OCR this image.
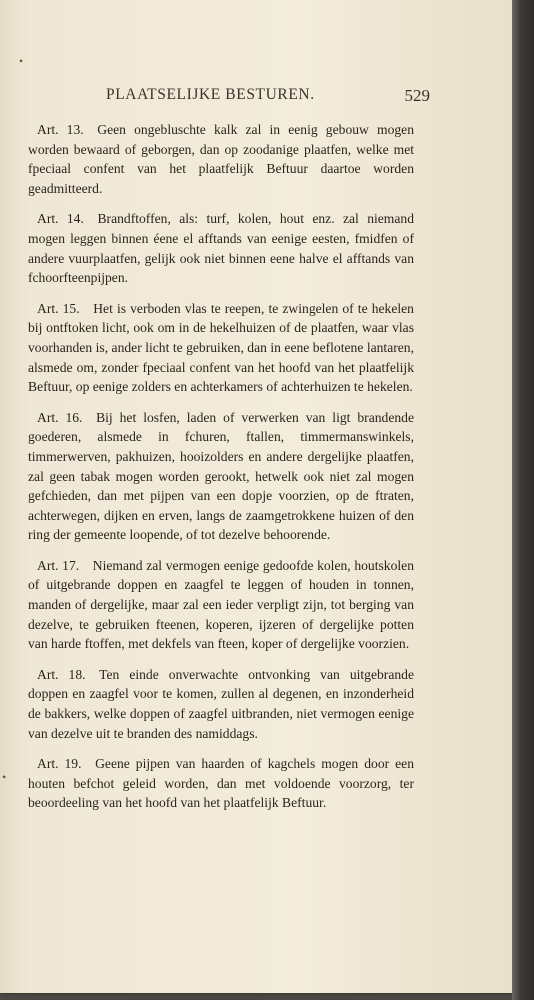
•
•
PLAATSELIJKE BESTUREN.	529

Art. 13.  Geen ongebluschte kalk zal in eenig gebouw mogen worden bewaard of geborgen, dan op zoodanige plaatfen, welke met fpeciaal confent van het plaatfelijk Beftuur daartoe worden geadmitteerd.

Art. 14.  Brandftoffen, als: turf, kolen, hout enz. zal niemand mogen leggen binnen éene el afftands van eenige eesten, fmidfen of andere vuurplaatfen, gelijk ook niet binnen eene halve el afftands van fchoorfteenpijpen.

Art. 15.  Het is verboden vlas te reepen, te zwingelen of te hekelen bij ontftoken licht, ook om in de hekelhuizen of de plaatfen, waar vlas voorhanden is, ander licht te gebruiken, dan in eene beflotene lantaren, alsmede om, zonder fpeciaal confent van het hoofd van het plaatfelijk Beftuur, op eenige zolders en achterkamers of achterhuizen te hekelen.

Art. 16.  Bij het losfen, laden of verwerken van ligt brandende goederen, alsmede in fchuren, ftallen, timmermanswinkels, timmerwerven, pakhuizen, hooizolders en andere dergelijke plaatfen, zal geen tabak mogen worden gerookt, hetwelk ook niet zal mogen gefchieden, dan met pijpen van een dopje voorzien, op de ftraten, achterwegen, dijken en erven, langs de zaamgetrokkene huizen of den ring der gemeente loopende, of tot dezelve behoorende.

Art. 17.  Niemand zal vermogen eenige gedoofde kolen, houtskolen of uitgebrande doppen en zaagfel te leggen of houden in tonnen, manden of dergelijke, maar zal een ieder verpligt zijn, tot berging van dezelve, te gebruiken fteenen, koperen, ijzeren of dergelijke potten van harde ftoffen, met dekfels van fteen, koper of dergelijke voorzien.

Art. 18.  Ten einde onverwachte ontvonking van uitgebrande doppen en zaagfel voor te komen, zullen al degenen, en inzonderheid de bakkers, welke doppen of zaagfel uitbranden, niet vermogen eenige van dezelve uit te branden des namiddags.

Art. 19.  Geene pijpen van haarden of kagchels mogen door een houten befchot geleid worden, dan met voldoende voorzorg, ter beoordeeling van het hoofd van het plaatfelijk Beftuur.
